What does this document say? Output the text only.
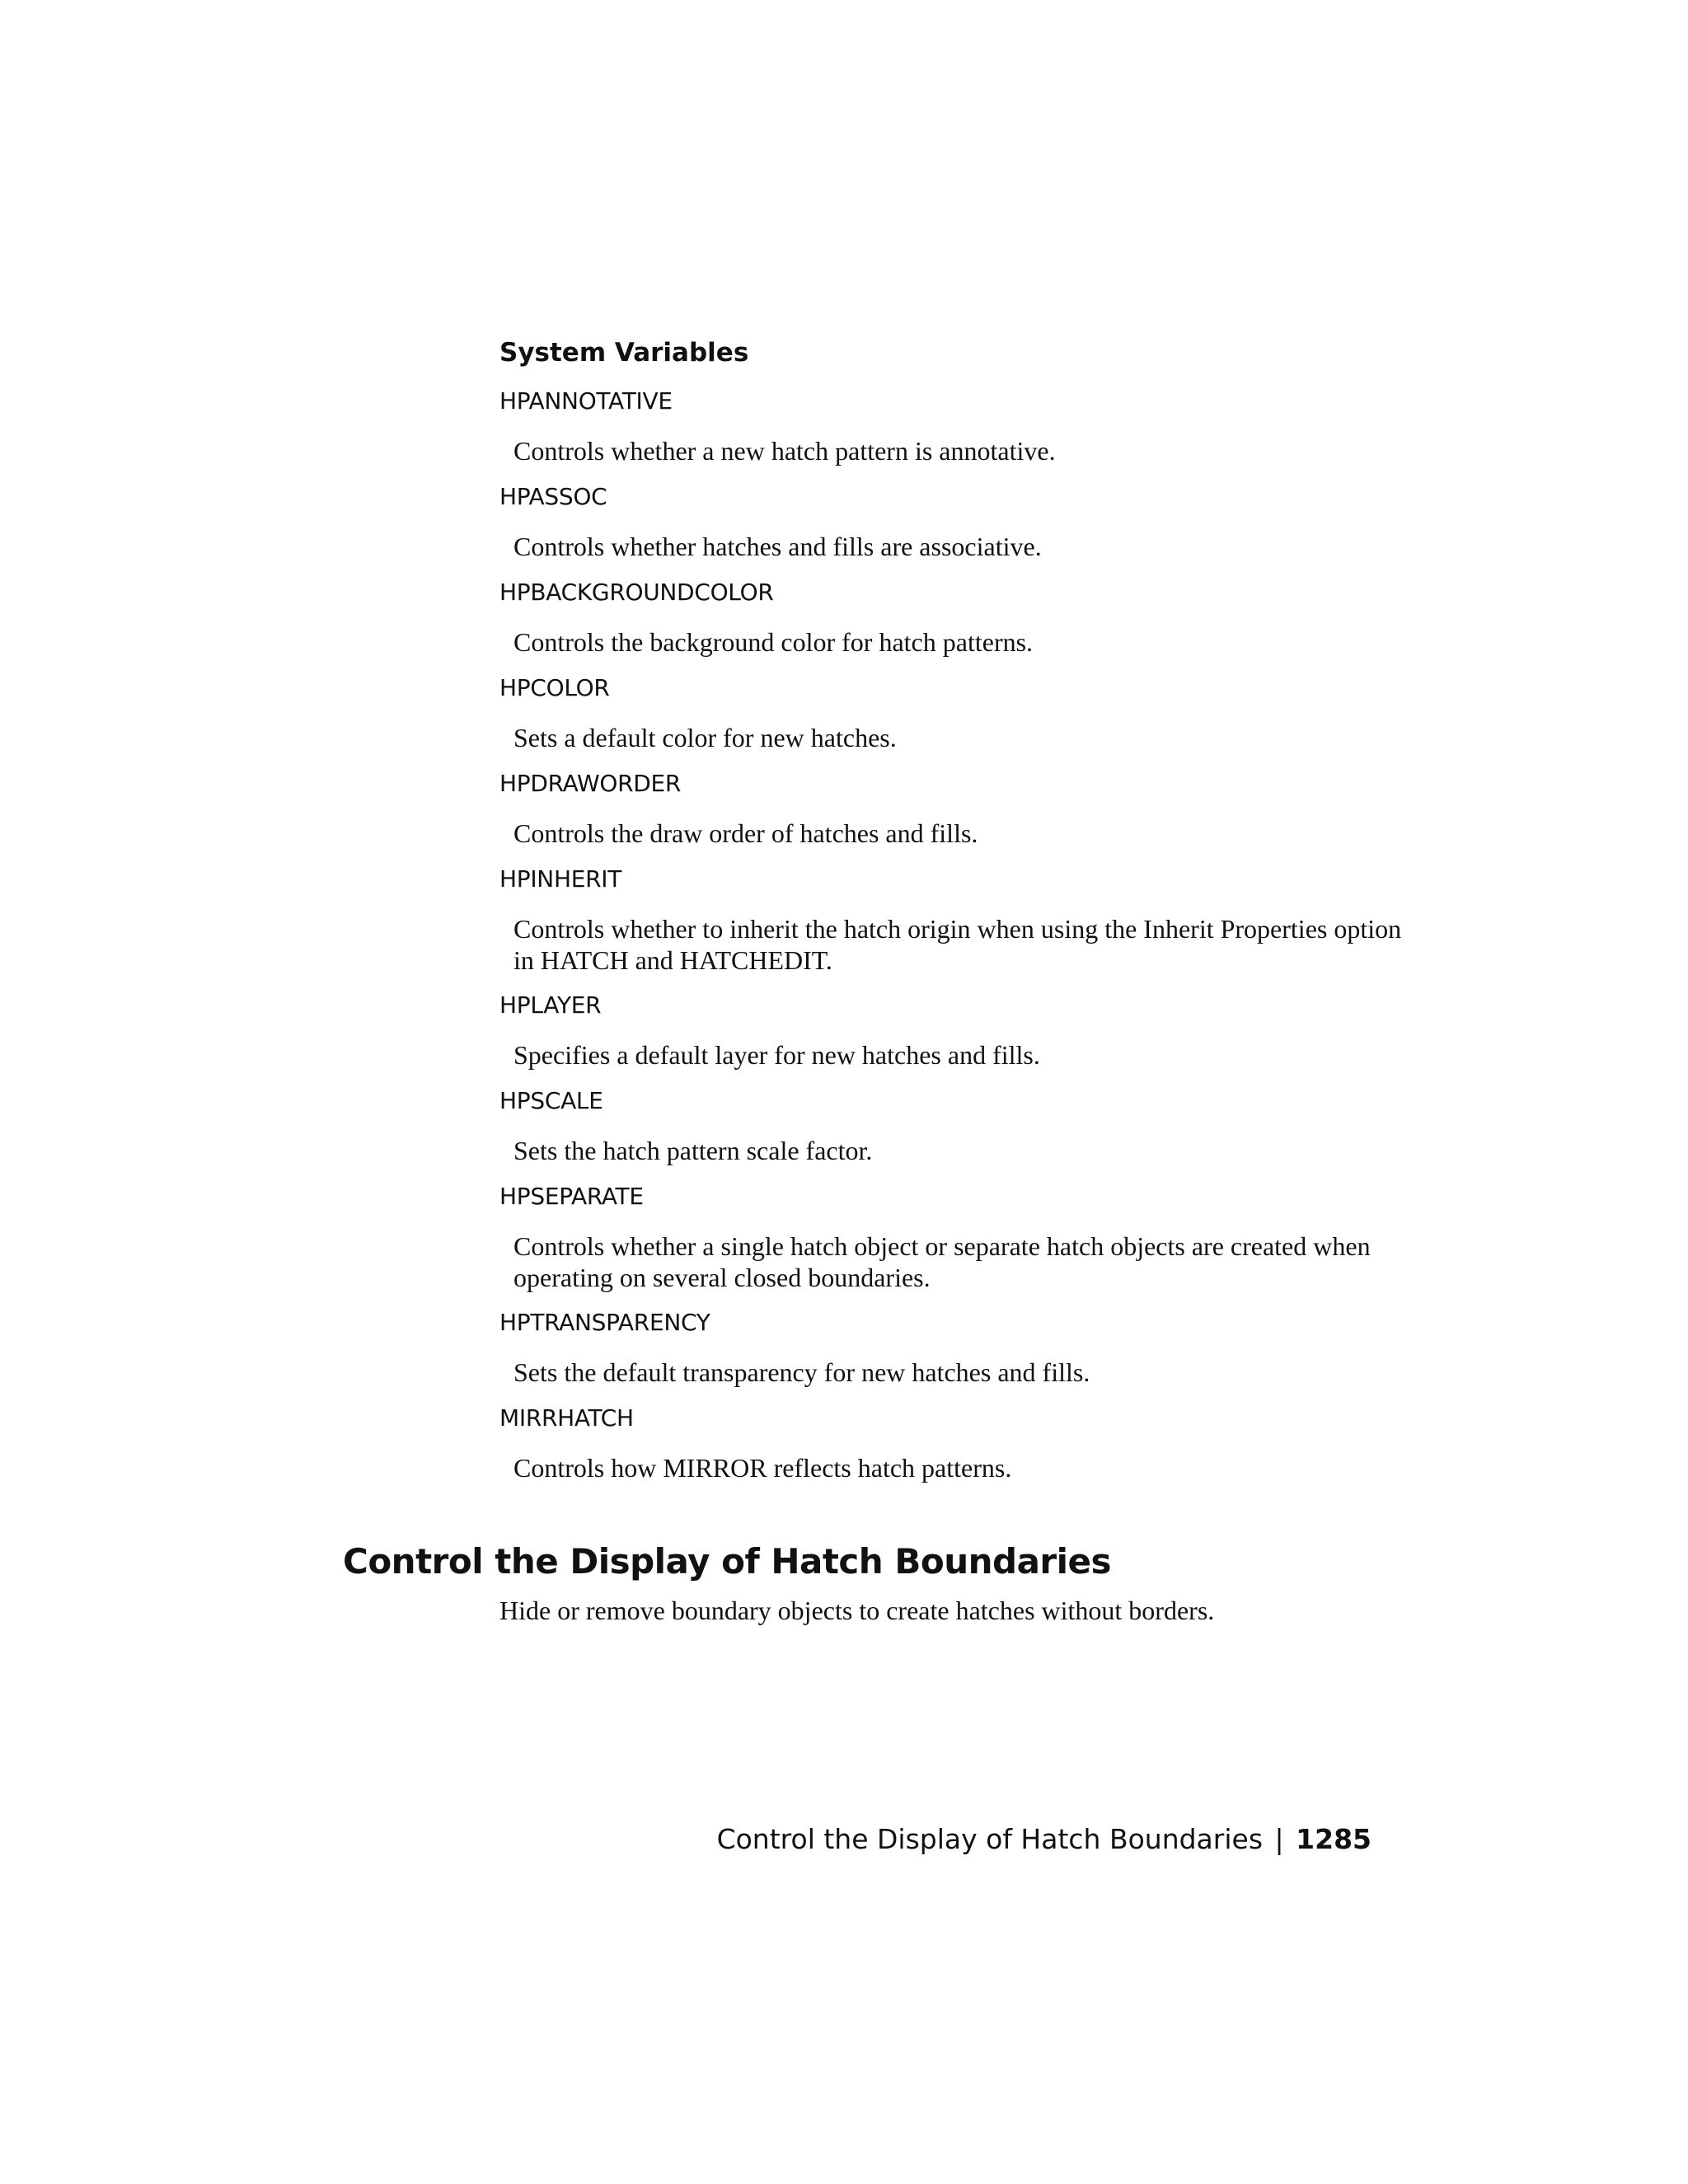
System Variables
HPANNOTATIVE
Controls whether a new hatch pattern is annotative.
HPASSOC
Controls whether hatches and fills are associative.
HPBACKGROUNDCOLOR
Controls the background color for hatch patterns.
HPCOLOR
Sets a default color for new hatches.
HPDRAWORDER
Controls the draw order of hatches and fills.
HPINHERIT
Controls whether to inherit the hatch origin when using the Inherit Properties option in HATCH and HATCHEDIT.
HPLAYER
Specifies a default layer for new hatches and fills.
HPSCALE
Sets the hatch pattern scale factor.
HPSEPARATE
Controls whether a single hatch object or separate hatch objects are created when operating on several closed boundaries.
HPTRANSPARENCY
Sets the default transparency for new hatches and fills.
MIRRHATCH
Controls how MIRROR reflects hatch patterns.
Control the Display of Hatch Boundaries
Hide or remove boundary objects to create hatches without borders.
Control the Display of Hatch Boundaries | 1285
